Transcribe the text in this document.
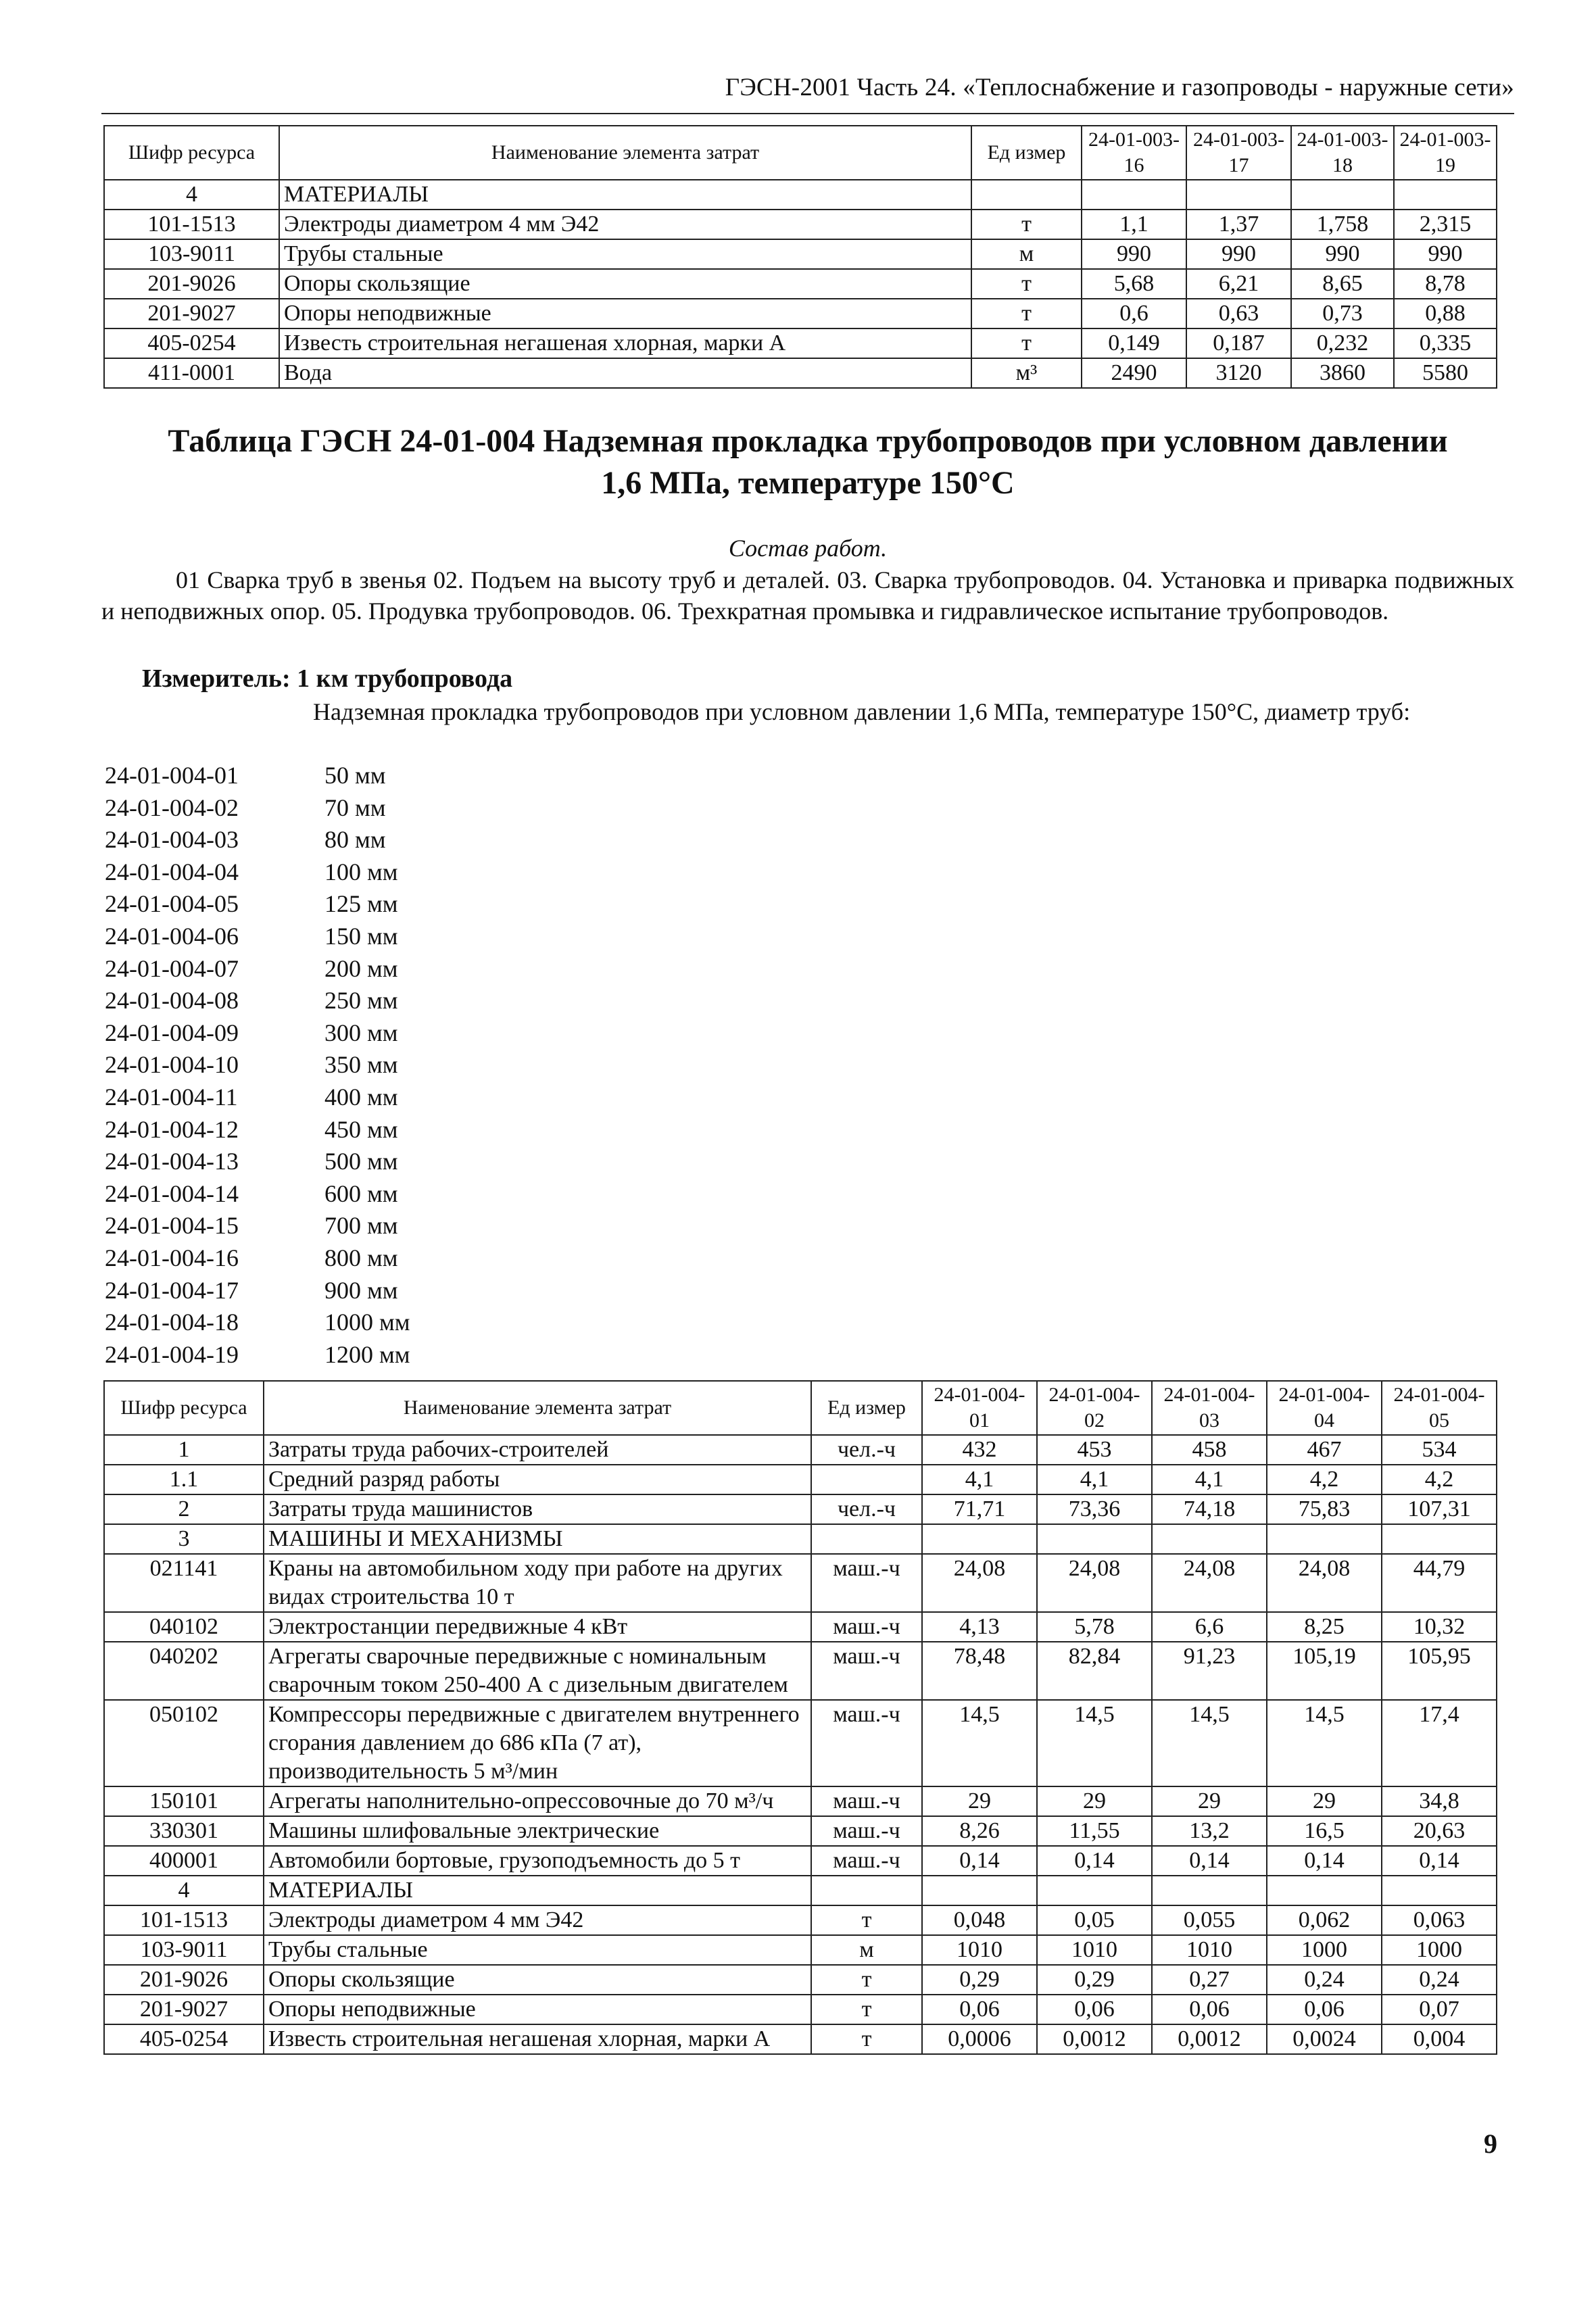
ГЭСН-2001 Часть 24. «Теплоснабжение и газопроводы - наружные сети»
Шифр ресурса	Наименование элемента затрат	Ед измер	24-01-003-16	24-01-003-17	24-01-003-18	24-01-003-19
4	МАТЕРИАЛЫ					
101-1513	Электроды диаметром 4 мм Э42	т	1,1	1,37	1,758	2,315
103-9011	Трубы стальные	м	990	990	990	990
201-9026	Опоры скользящие	т	5,68	6,21	8,65	8,78
201-9027	Опоры неподвижные	т	0,6	0,63	0,73	0,88
405-0254	Известь строительная негашеная хлорная, марки А	т	0,149	0,187	0,232	0,335
411-0001	Вода	м³	2490	3120	3860	5580
Таблица ГЭСН 24-01-004 Надземная прокладка трубопроводов при условном давлении
1,6 МПа, температуре 150°С
Состав работ.
01 Сварка труб в звенья 02. Подъем на высоту труб и деталей. 03. Сварка трубопроводов. 04. Установка и приварка подвижных и неподвижных опор. 05. Продувка трубопроводов. 06. Трехкратная промывка и гидравлическое испытание трубопроводов.
Измеритель: 1 км трубопровода
Надземная прокладка трубопроводов при условном давлении 1,6 МПа, температуре 150°С, диаметр труб:
24-01-004-01	50 мм
24-01-004-02	70 мм
24-01-004-03	80 мм
24-01-004-04	100 мм
24-01-004-05	125 мм
24-01-004-06	150 мм
24-01-004-07	200 мм
24-01-004-08	250 мм
24-01-004-09	300 мм
24-01-004-10	350 мм
24-01-004-11	400 мм
24-01-004-12	450 мм
24-01-004-13	500 мм
24-01-004-14	600 мм
24-01-004-15	700 мм
24-01-004-16	800 мм
24-01-004-17	900 мм
24-01-004-18	1000 мм
24-01-004-19	1200 мм
Шифр ресурса	Наименование элемента затрат	Ед измер	24-01-004-01	24-01-004-02	24-01-004-03	24-01-004-04	24-01-004-05
1	Затраты труда рабочих-строителей	чел.-ч	432	453	458	467	534
1.1	Средний разряд работы		4,1	4,1	4,1	4,2	4,2
2	Затраты труда машинистов	чел.-ч	71,71	73,36	74,18	75,83	107,31
3	МАШИНЫ И МЕХАНИЗМЫ						
021141	Краны на автомобильном ходу при работе на других видах строительства 10 т	маш.-ч	24,08	24,08	24,08	24,08	44,79
040102	Электростанции передвижные 4 кВт	маш.-ч	4,13	5,78	6,6	8,25	10,32
040202	Агрегаты сварочные передвижные с номинальным сварочным током 250-400 А с дизельным двигателем	маш.-ч	78,48	82,84	91,23	105,19	105,95
050102	Компрессоры передвижные с двигателем внутреннего сгорания давлением до 686 кПа (7 ат), производительность 5 м³/мин	маш.-ч	14,5	14,5	14,5	14,5	17,4
150101	Агрегаты наполнительно-опрессовочные до 70 м³/ч	маш.-ч	29	29	29	29	34,8
330301	Машины шлифовальные электрические	маш.-ч	8,26	11,55	13,2	16,5	20,63
400001	Автомобили бортовые, грузоподъемность до 5 т	маш.-ч	0,14	0,14	0,14	0,14	0,14
4	МАТЕРИАЛЫ						
101-1513	Электроды диаметром 4 мм Э42	т	0,048	0,05	0,055	0,062	0,063
103-9011	Трубы стальные	м	1010	1010	1010	1000	1000
201-9026	Опоры скользящие	т	0,29	0,29	0,27	0,24	0,24
201-9027	Опоры неподвижные	т	0,06	0,06	0,06	0,06	0,07
405-0254	Известь строительная негашеная хлорная, марки А	т	0,0006	0,0012	0,0012	0,0024	0,004
9
